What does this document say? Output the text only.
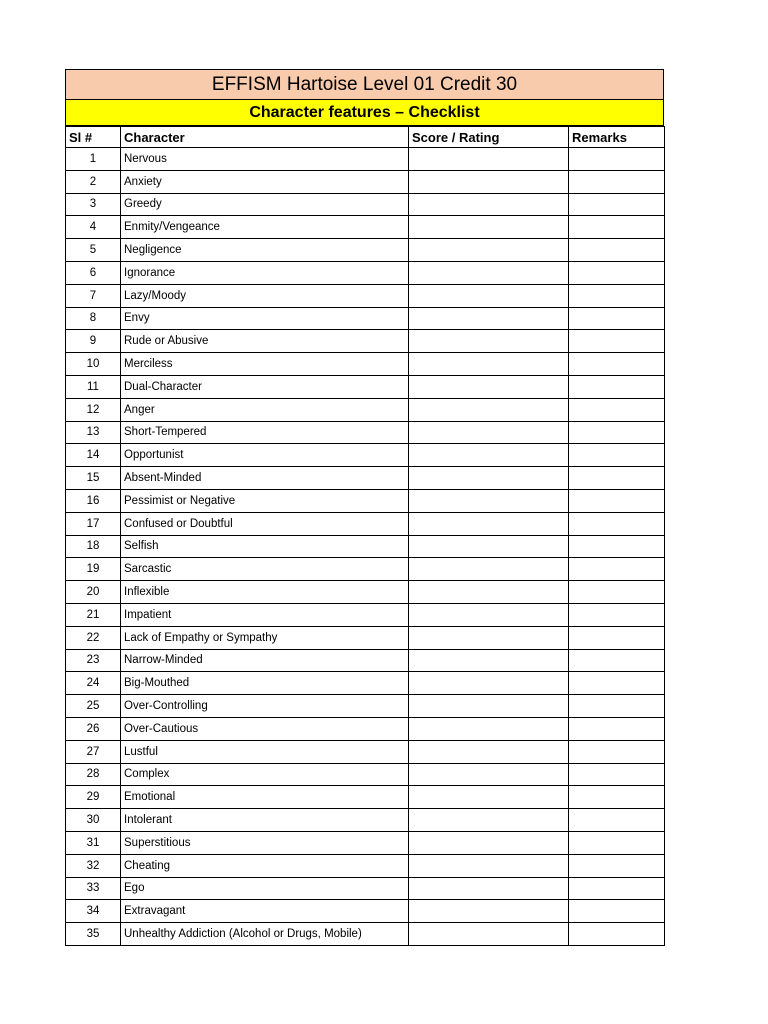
EFFISM Hartoise Level 01 Credit 30
Character features – Checklist
Sl #	Character	Score / Rating	Remarks
1	Nervous		
2	Anxiety		
3	Greedy		
4	Enmity/Vengeance		
5	Negligence		
6	Ignorance		
7	Lazy/Moody		
8	Envy		
9	Rude or Abusive		
10	Merciless		
11	Dual-Character		
12	Anger		
13	Short-Tempered		
14	Opportunist		
15	Absent-Minded		
16	Pessimist or Negative		
17	Confused or Doubtful		
18	Selfish		
19	Sarcastic		
20	Inflexible		
21	Impatient		
22	Lack of Empathy or Sympathy		
23	Narrow-Minded		
24	Big-Mouthed		
25	Over-Controlling		
26	Over-Cautious		
27	Lustful		
28	Complex		
29	Emotional		
30	Intolerant		
31	Superstitious		
32	Cheating		
33	Ego		
34	Extravagant		
35	Unhealthy Addiction (Alcohol or Drugs, Mobile)		
